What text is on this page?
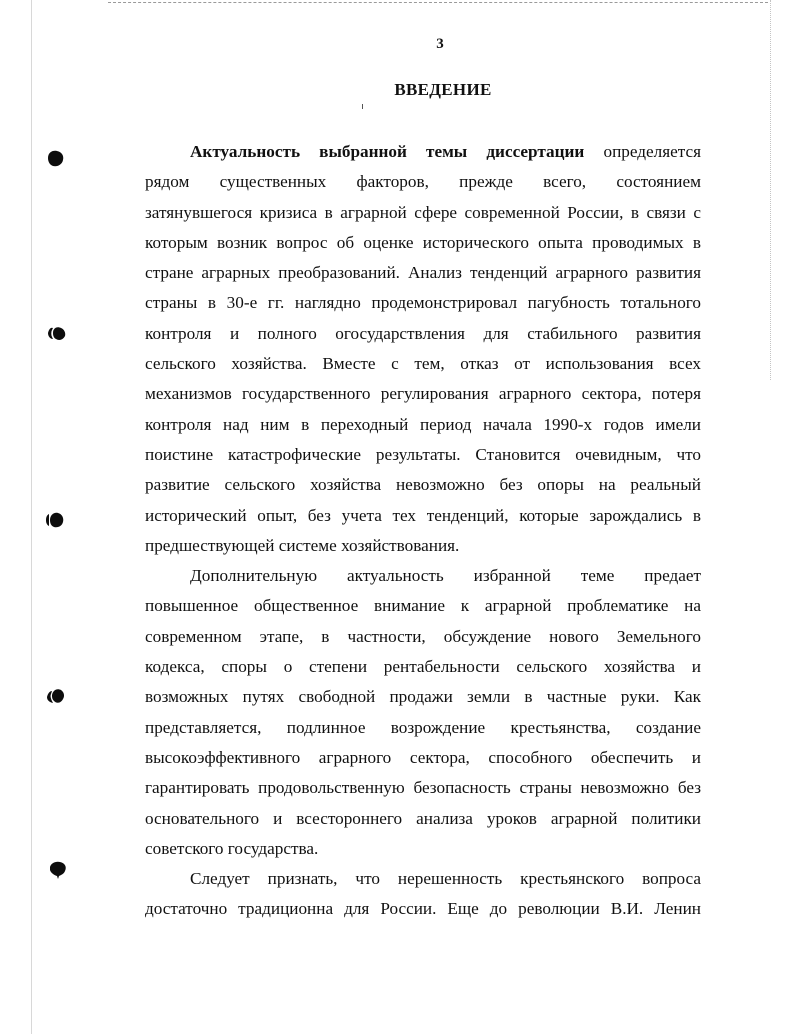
3
ВВЕДЕНИЕ
Актуальность выбранной темы диссертации определяется
рядом существенных факторов, прежде всего, состоянием
затянувшегося кризиса в аграрной сфере современной России, в связи с
которым возник вопрос об оценке исторического опыта проводимых в
стране аграрных преобразований. Анализ тенденций аграрного развития
страны в 30-е гг. наглядно продемонстрировал пагубность тотального
контроля и полного огосударствления для стабильного развития
сельского хозяйства. Вместе с тем, отказ от использования всех
механизмов государственного регулирования аграрного сектора, потеря
контроля над ним в переходный период начала 1990-х годов имели
поистине катастрофические результаты. Становится очевидным, что
развитие сельского хозяйства невозможно без опоры на реальный
исторический опыт, без учета тех тенденций, которые зарождались в
предшествующей системе хозяйствования.
Дополнительную актуальность избранной теме предает
повышенное общественное внимание к аграрной проблематике на
современном этапе, в частности, обсуждение нового Земельного
кодекса, споры о степени рентабельности сельского хозяйства и
возможных путях свободной продажи земли в частные руки. Как
представляется, подлинное возрождение крестьянства, создание
высокоэффективного аграрного сектора, способного обеспечить и
гарантировать продовольственную безопасность страны невозможно без
основательного и всестороннего анализа уроков аграрной политики
советского государства.
Следует признать, что нерешенность крестьянского вопроса
достаточно традиционна для России. Еще до революции В.И. Ленин
